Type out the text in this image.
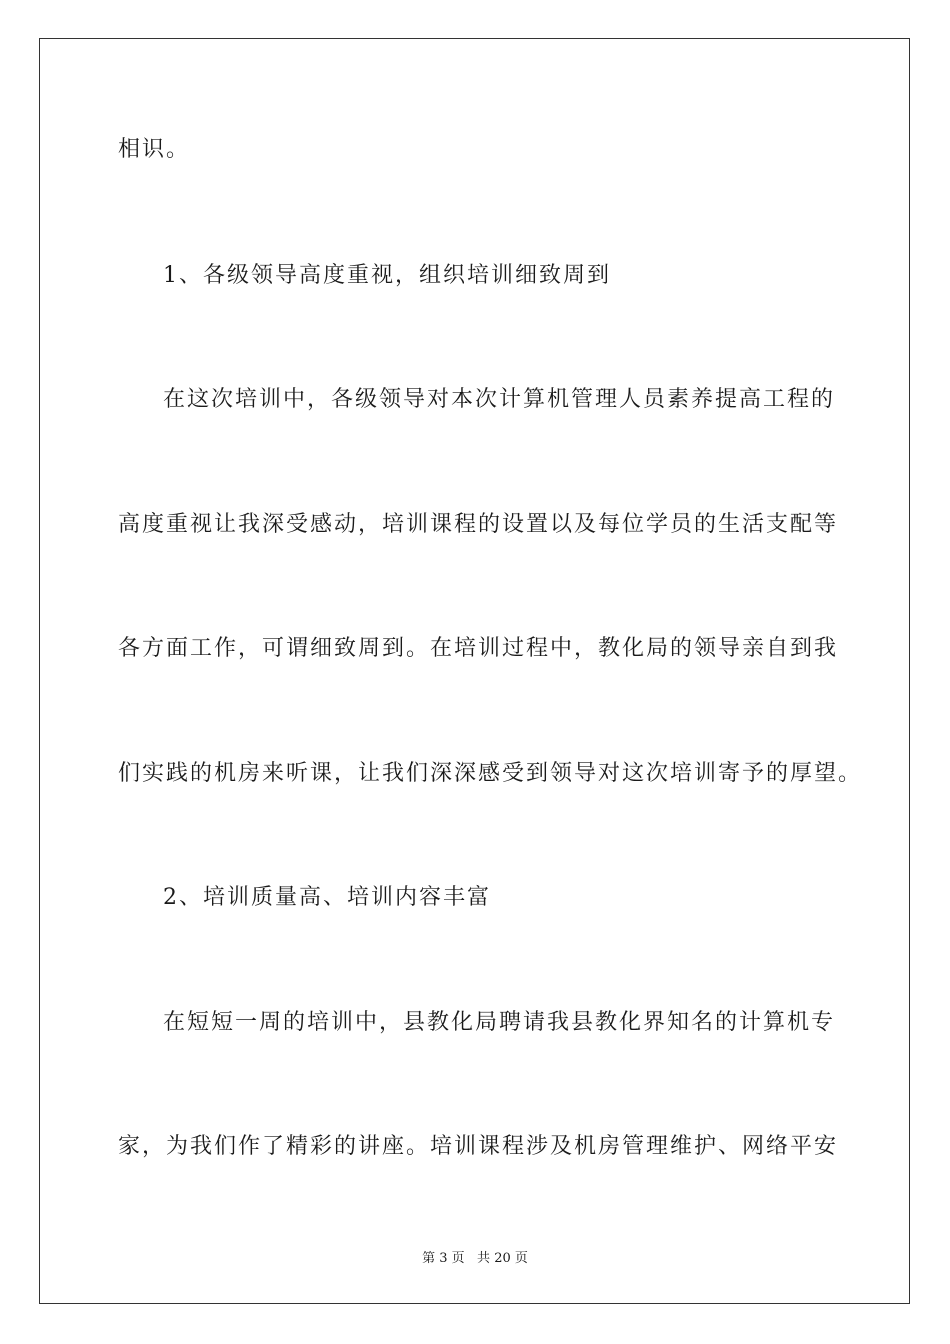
相识。
1、各级领导高度重视，组织培训细致周到
在这次培训中，各级领导对本次计算机管理人员素养提高工程的
高度重视让我深受感动，培训课程的设置以及每位学员的生活支配等
各方面工作，可谓细致周到。在培训过程中，教化局的领导亲自到我
们实践的机房来听课，让我们深深感受到领导对这次培训寄予的厚望。
2、培训质量高、培训内容丰富
在短短一周的培训中，县教化局聘请我县教化界知名的计算机专
家，为我们作了精彩的讲座。培训课程涉及机房管理维护、网络平安
第 3 页   共 20 页
